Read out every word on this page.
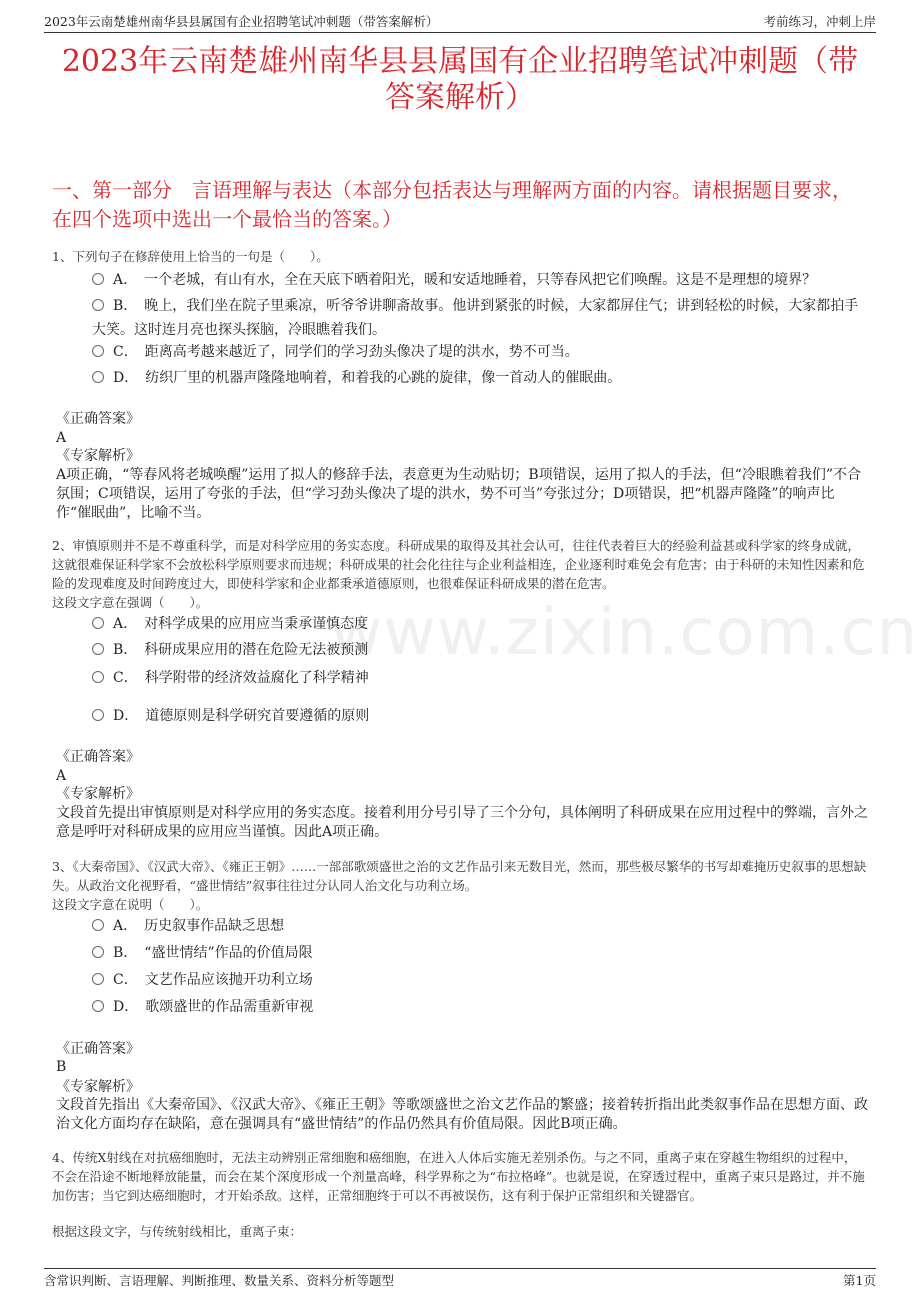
2023年云南楚雄州南华县县属国有企业招聘笔试冲刺题（带答案解析）	考前练习，冲刺上岸
www.zixin.com.cn
2023年云南楚雄州南华县县属国有企业招聘笔试冲刺题（带答案解析）
一、第一部分　言语理解与表达（本部分包括表达与理解两方面的内容。请根据题目要求，在四个选项中选出一个最恰当的答案。）
1、下列句子在修辞使用上恰当的一句是（　　）。
A．　一个老城，有山有水，全在天底下晒着阳光，暖和安适地睡着，只等春风把它们唤醒。这是不是理想的境界？
B．　晚上，我们坐在院子里乘凉，听爷爷讲聊斋故事。他讲到紧张的时候，大家都屏住气；讲到轻松的时候，大家都拍手大笑。这时连月亮也探头探脑，冷眼瞧着我们。
C．　距离高考越来越近了，同学们的学习劲头像决了堤的洪水，势不可当。
D．　纺织厂里的机器声隆隆地响着，和着我的心跳的旋律，像一首动人的催眠曲。
《正确答案》
A
《专家解析》
A项正确，“等春风将老城唤醒”运用了拟人的修辞手法，表意更为生动贴切；B项错误，运用了拟人的手法，但“冷眼瞧着我们”不合氛围；C项错误，运用了夸张的手法，但“学习劲头像决了堤的洪水，势不可当”夸张过分；D项错误，把“机器声隆隆”的响声比作“催眠曲”，比喻不当。
2、审慎原则并不是不尊重科学，而是对科学应用的务实态度。科研成果的取得及其社会认可，往往代表着巨大的经验利益甚或科学家的终身成就，这就很难保证科学家不会放松科学原则要求而违规；科研成果的社会化往往与企业利益相连，企业逐利时难免会有危害；由于科研的未知性因素和危险的发现难度及时间跨度过大，即使科学家和企业都秉承道德原则，也很难保证科研成果的潜在危害。
这段文字意在强调（　　）。
A．　对科学成果的应用应当秉承谨慎态度
B．　科研成果应用的潜在危险无法被预测
C．　科学附带的经济效益腐化了科学精神
D．　道德原则是科学研究首要遵循的原则
《正确答案》
A
《专家解析》
文段首先提出审慎原则是对科学应用的务实态度。接着利用分号引导了三个分句，具体阐明了科研成果在应用过程中的弊端，言外之意是呼吁对科研成果的应用应当谨慎。因此A项正确。
3、《大秦帝国》、《汉武大帝》、《雍正王朝》……一部部歌颂盛世之治的文艺作品引来无数目光，然而，那些极尽繁华的书写却难掩历史叙事的思想缺失。从政治文化视野看，“盛世情结”叙事往往过分认同人治文化与功利立场。
这段文字意在说明（　　）。
A．　历史叙事作品缺乏思想
B．　“盛世情结”作品的价值局限
C．　文艺作品应该抛开功利立场
D．　歌颂盛世的作品需重新审视
《正确答案》
B
《专家解析》
文段首先指出《大秦帝国》、《汉武大帝》、《雍正王朝》等歌颂盛世之治文艺作品的繁盛；接着转折指出此类叙事作品在思想方面、政治文化方面均存在缺陷，意在强调具有“盛世情结”的作品仍然具有价值局限。因此B项正确。
4、传统X射线在对抗癌细胞时，无法主动辨别正常细胞和癌细胞，在进入人体后实施无差别杀伤。与之不同，重离子束在穿越生物组织的过程中，不会在沿途不断地释放能量，而会在某个深度形成一个剂量高峰，科学界称之为“布拉格峰”。也就是说，在穿透过程中，重离子束只是路过，并不施加伤害；当它到达癌细胞时，才开始杀敌。这样，正常细胞终于可以不再被误伤，这有利于保护正常组织和关键器官。
根据这段文字，与传统射线相比，重离子束：
含常识判断、言语理解、判断推理、数量关系、资料分析等题型	第1页
